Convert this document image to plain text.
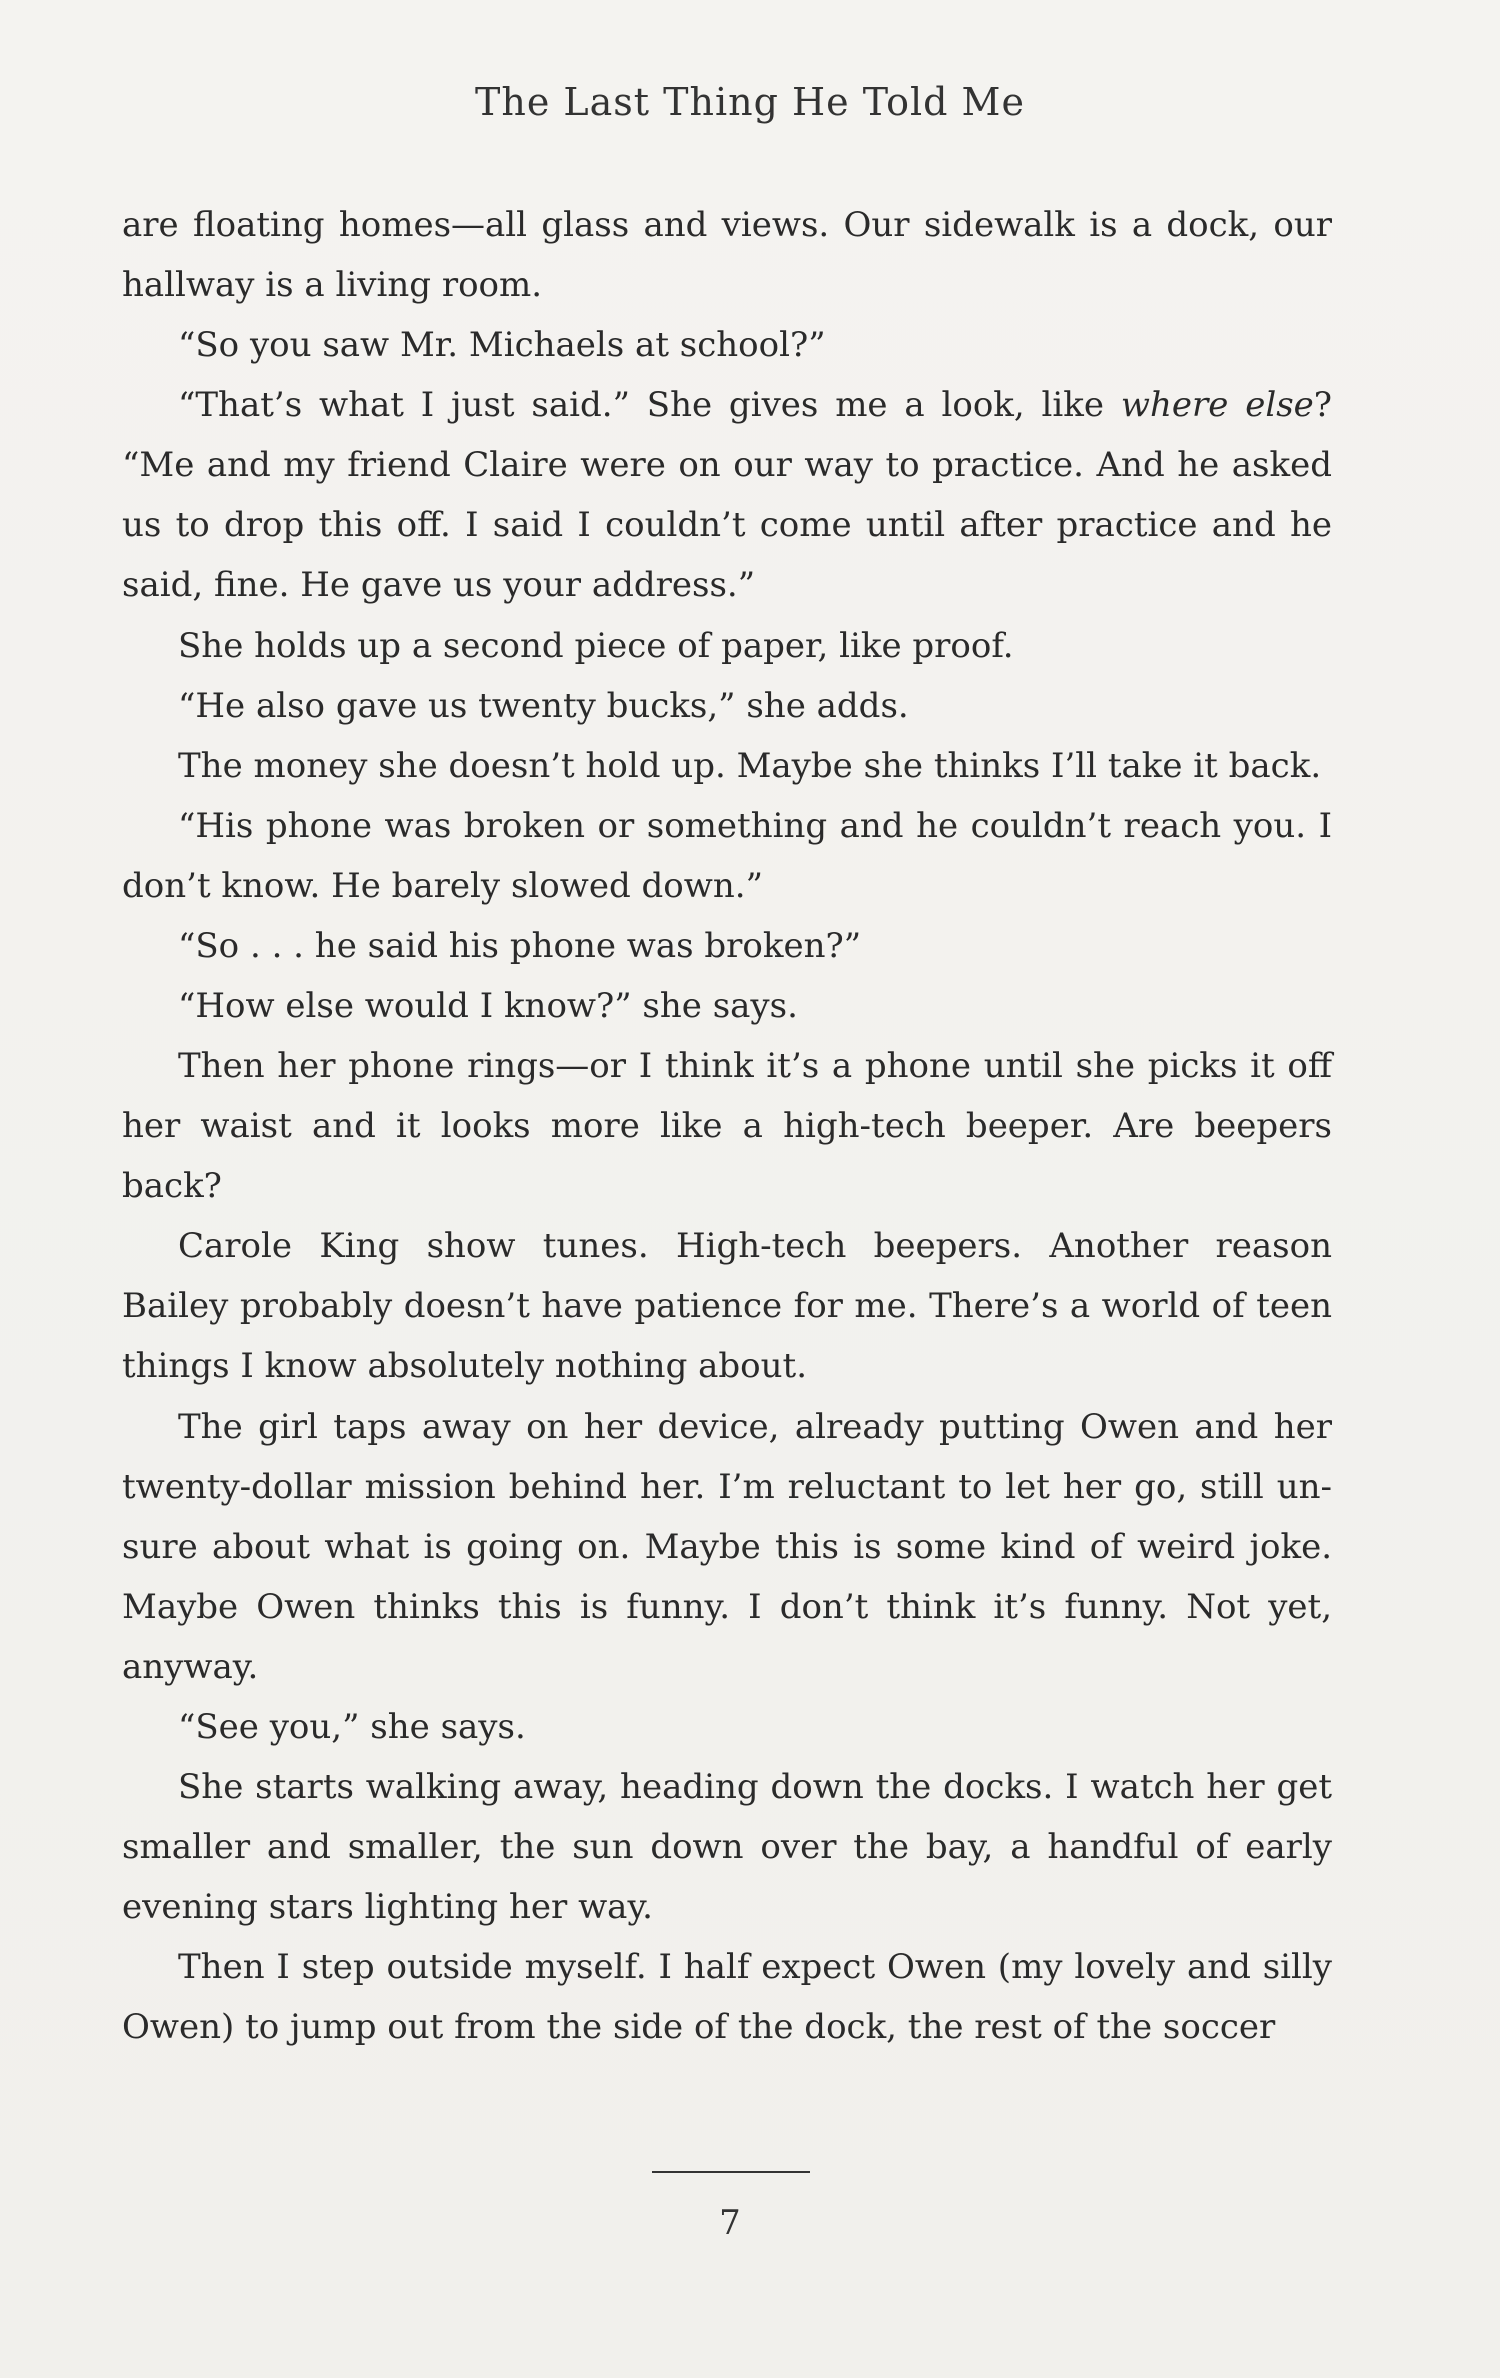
The Last Thing He Told Me

are floating homes—all glass and views. Our sidewalk is a dock, our hallway is a living room.

“So you saw Mr. Michaels at school?”

“That’s what I just said.” She gives me a look, like where else? “Me and my friend Claire were on our way to practice. And he asked us to drop this off. I said I couldn’t come until after practice and he said, fine. He gave us your address.”

She holds up a second piece of paper, like proof.

“He also gave us twenty bucks,” she adds.

The money she doesn’t hold up. Maybe she thinks I’ll take it back.

“His phone was broken or something and he couldn’t reach you. I don’t know. He barely slowed down.”

“So . . . he said his phone was broken?”

“How else would I know?” she says.

Then her phone rings—or I think it’s a phone until she picks it off her waist and it looks more like a high-tech beeper. Are beepers back?

Carole King show tunes. High-tech beepers. Another reason Bailey probably doesn’t have patience for me. There’s a world of teen things I know absolutely nothing about.

The girl taps away on her device, already putting Owen and her twenty-dollar mission behind her. I’m reluctant to let her go, still unsure about what is going on. Maybe this is some kind of weird joke. Maybe Owen thinks this is funny. I don’t think it’s funny. Not yet, anyway.

“See you,” she says.

She starts walking away, heading down the docks. I watch her get smaller and smaller, the sun down over the bay, a handful of early evening stars lighting her way.

Then I step outside myself. I half expect Owen (my lovely and silly Owen) to jump out from the side of the dock, the rest of the soccer

7
